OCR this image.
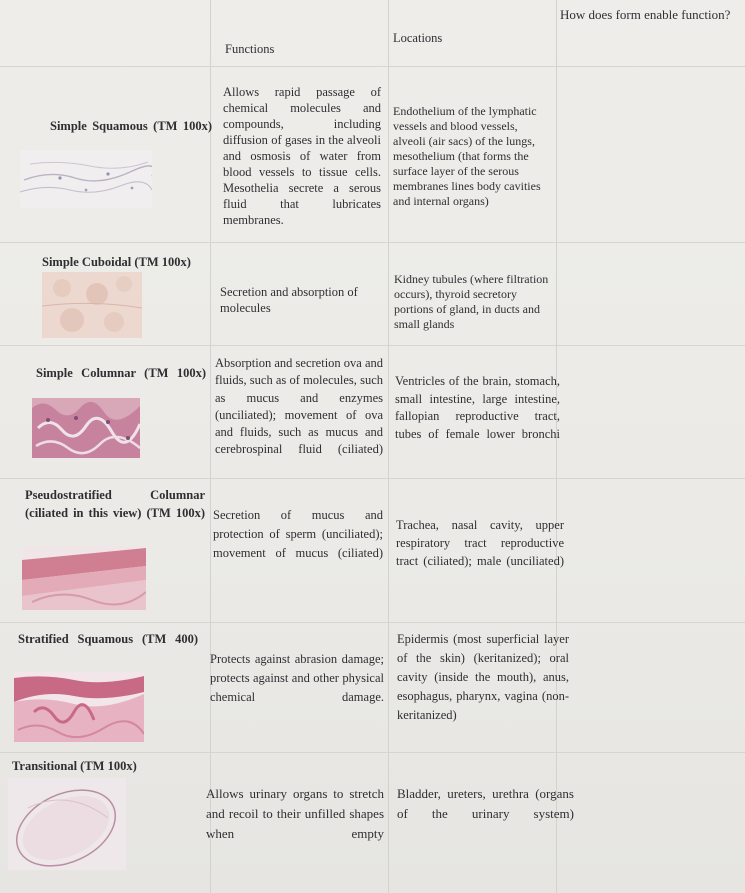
Functions
Locations
How does form enable function?
Simple Squamous (TM 100x)
Allows rapid passage of chemical molecules and compounds, including diffusion of gases in the alveoli and osmosis of water from blood vessels to tissue cells. Mesothelia secrete a serous fluid that lubricates membranes.
Endothelium of the lymphatic vessels and blood vessels, alveoli (air sacs) of the lungs, mesothelium (that forms the surface layer of the serous membranes lines body cavities and internal organs)
Simple Cuboidal (TM 100x)
Secretion and absorption of molecules
Kidney tubules (where filtration occurs), thyroid secretory portions of gland, in ducts and small glands
Simple Columnar (TM 100x)
Absorption and secretion ova and fluids, such as of molecules, such as mucus and enzymes (unciliated); movement of ova and fluids, such as mucus and cerebrospinal fluid (ciliated)
Ventricles of the brain, stomach, small intestine, large intestine, fallopian reproductive tract, tubes of female lower bronchi
Pseudostratified Columnar (ciliated in this view) (TM 100x) Secretion of mucus and protection of sperm (unciliated); movement of mucus (ciliated)
Trachea, nasal cavity, upper respiratory tract reproductive tract (ciliated); male (unciliated)
Stratified Squamous (TM 400)
Protects against abrasion damage; protects against and other physical chemical damage.
Epidermis (most superficial layer of the skin) (keritanized); oral cavity (inside the mouth), anus, esophagus, pharynx, vagina (non-keritanized)
Transitional (TM 100x)
Allows urinary organs to stretch and recoil to their unfilled shapes when empty
Bladder, ureters, urethra (organs of the urinary system)
